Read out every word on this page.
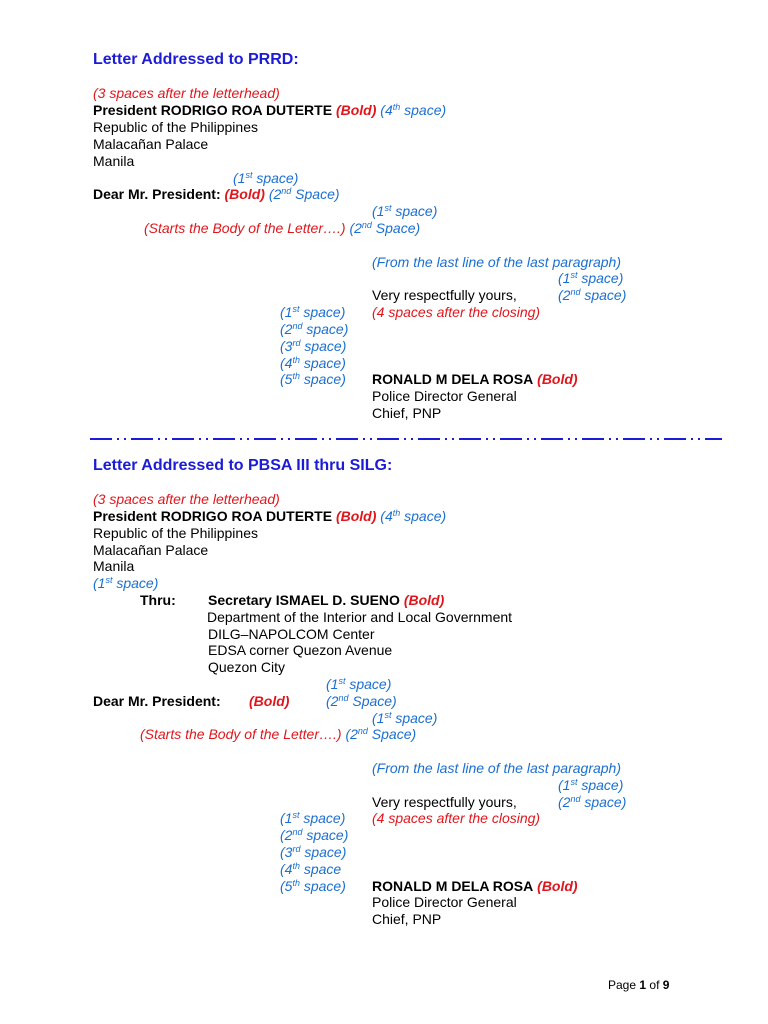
Letter Addressed to PRRD:
(3 spaces after the letterhead)
President RODRIGO ROA DUTERTE (Bold) (4th space)
Republic of the Philippines
Malacañan Palace
Manila
(1st space)
Dear Mr. President: (Bold) (2nd Space)
(1st space)
(Starts the Body of the Letter….) (2nd Space)
(From the last line of the last paragraph)
(1st space)
Very respectfully yours,	(2nd space)
(1st space) (4 spaces after the closing)
(2nd space)
(3rd space)
(4th space)
(5th space) RONALD M DELA ROSA (Bold)
Police Director General
Chief, PNP
Letter Addressed to PBSA III thru SILG:
(3 spaces after the letterhead)
President RODRIGO ROA DUTERTE (Bold) (4th space)
Republic of the Philippines
Malacañan Palace
Manila
(1st space)
Thru: Secretary ISMAEL D. SUENO (Bold)
Department of the Interior and Local Government
DILG–NAPOLCOM Center
EDSA corner Quezon Avenue
Quezon City
(1st space)
Dear Mr. President: (Bold)	(2nd Space)
(1st space)
(Starts the Body of the Letter….) (2nd Space)
(From the last line of the last paragraph)
(1st space)
Very respectfully yours,	(2nd space)
(1st space) (4 spaces after the closing)
(2nd space)
(3rd space)
(4th space
(5th space) RONALD M DELA ROSA (Bold)
Police Director General
Chief, PNP
Page 1 of 9
